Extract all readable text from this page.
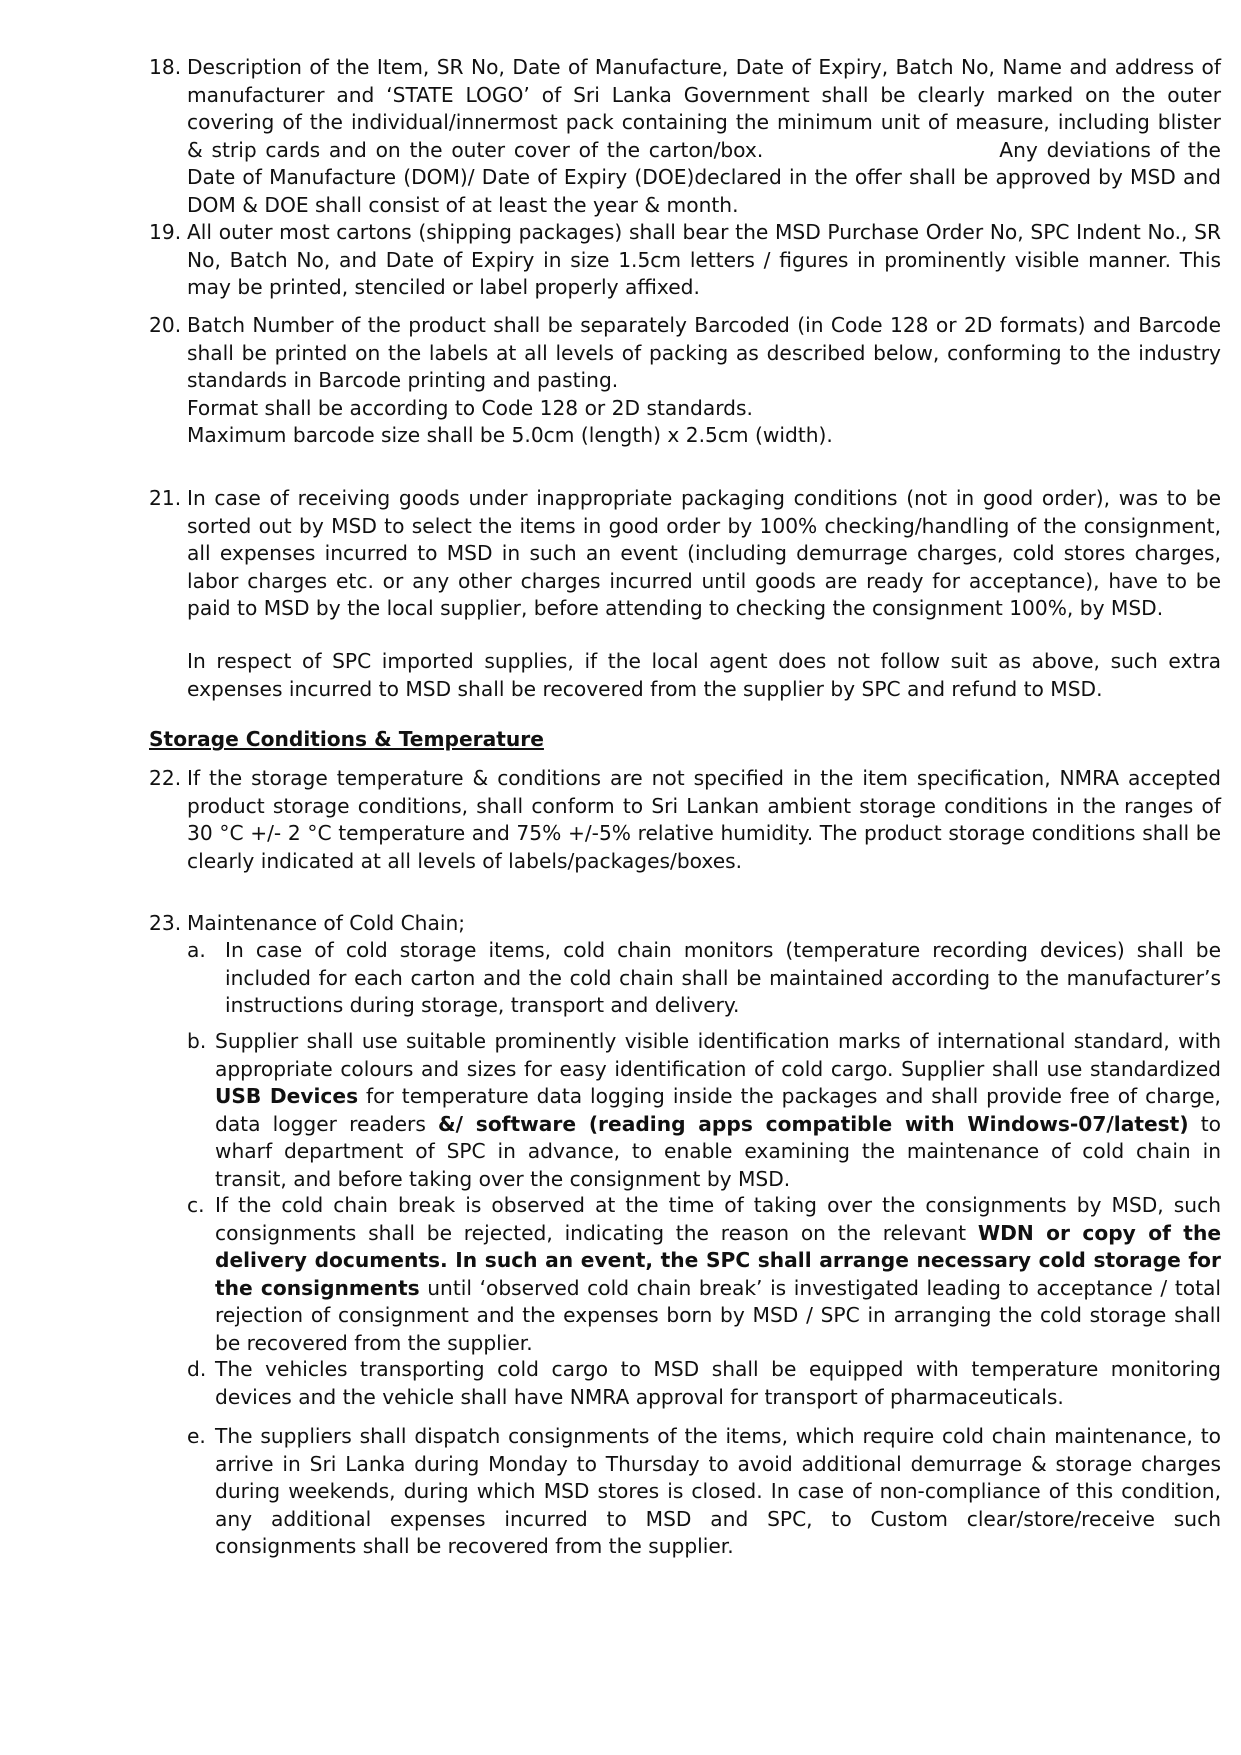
18. Description of the Item, SR No, Date of Manufacture, Date of Expiry, Batch No, Name and address of manufacturer and ‘STATE LOGO’ of Sri Lanka Government shall be clearly marked on the outer covering of the individual/innermost pack containing the minimum unit of measure, including blister & strip cards and on the outer cover of the carton/box.	Any deviations of the Date of Manufacture (DOM)/ Date of Expiry (DOE)declared in the offer shall be approved by MSD and DOM & DOE shall consist of at least the year & month.
19. All outer most cartons (shipping packages) shall bear the MSD Purchase Order No, SPC Indent No., SR No, Batch No, and Date of Expiry in size 1.5cm letters / figures in prominently visible manner. This may be printed, stenciled or label properly affixed.

20. Batch Number of the product shall be separately Barcoded (in Code 128 or 2D formats) and Barcode shall be printed on the labels at all levels of packing as described below, conforming to the industry standards in Barcode printing and pasting.

Format shall be according to Code 128 or 2D standards.

Maximum barcode size shall be 5.0cm (length) x 2.5cm (width).

21. In case of receiving goods under inappropriate packaging conditions (not in good order), was to be sorted out by MSD to select the items in good order by 100% checking/handling of the consignment, all expenses incurred to MSD in such an event (including demurrage charges, cold stores charges, labor charges etc. or any other charges incurred until goods are ready for acceptance), have to be paid to MSD by the local supplier, before attending to checking the consignment 100%, by MSD.

In respect of SPC imported supplies, if the local agent does not follow suit as above, such extra expenses incurred to MSD shall be recovered from the supplier by SPC and refund to MSD.

Storage Conditions & Temperature

22. If the storage temperature & conditions are not specified in the item specification, NMRA accepted product storage conditions, shall conform to Sri Lankan ambient storage conditions in the ranges of 30 °C +/- 2 °C temperature and 75% +/-5% relative humidity. The product storage conditions shall be clearly indicated at all levels of labels/packages/boxes.

23. Maintenance of Cold Chain;

a. In case of cold storage items, cold chain monitors (temperature recording devices) shall be included for each carton and the cold chain shall be maintained according to the manufacturer’s instructions during storage, transport and delivery.
b. Supplier shall use suitable prominently visible identification marks of international standard, with appropriate colours and sizes for easy identification of cold cargo. Supplier shall use standardized USB Devices for temperature data logging inside the packages and shall provide free of charge, data logger readers &/ software (reading apps compatible with Windows-07/latest) to wharf department of SPC in advance, to enable examining the maintenance of cold chain in transit, and before taking over the consignment by MSD.
c. If the cold chain break is observed at the time of taking over the consignments by MSD, such consignments shall be rejected, indicating the reason on the relevant WDN or copy of the delivery documents. In such an event, the SPC shall arrange necessary cold storage for the consignments until ‘observed cold chain break’ is investigated leading to acceptance / total rejection of consignment and the expenses born by MSD / SPC in arranging the cold storage shall be recovered from the supplier.
d. The vehicles transporting cold cargo to MSD shall be equipped with temperature monitoring devices and the vehicle shall have NMRA approval for transport of pharmaceuticals.
e. The suppliers shall dispatch consignments of the items, which require cold chain maintenance, to arrive in Sri Lanka during Monday to Thursday to avoid additional demurrage & storage charges during weekends, during which MSD stores is closed. In case of non-compliance of this condition, any additional expenses incurred to MSD and SPC, to Custom clear/store/receive such consignments shall be recovered from the supplier.
